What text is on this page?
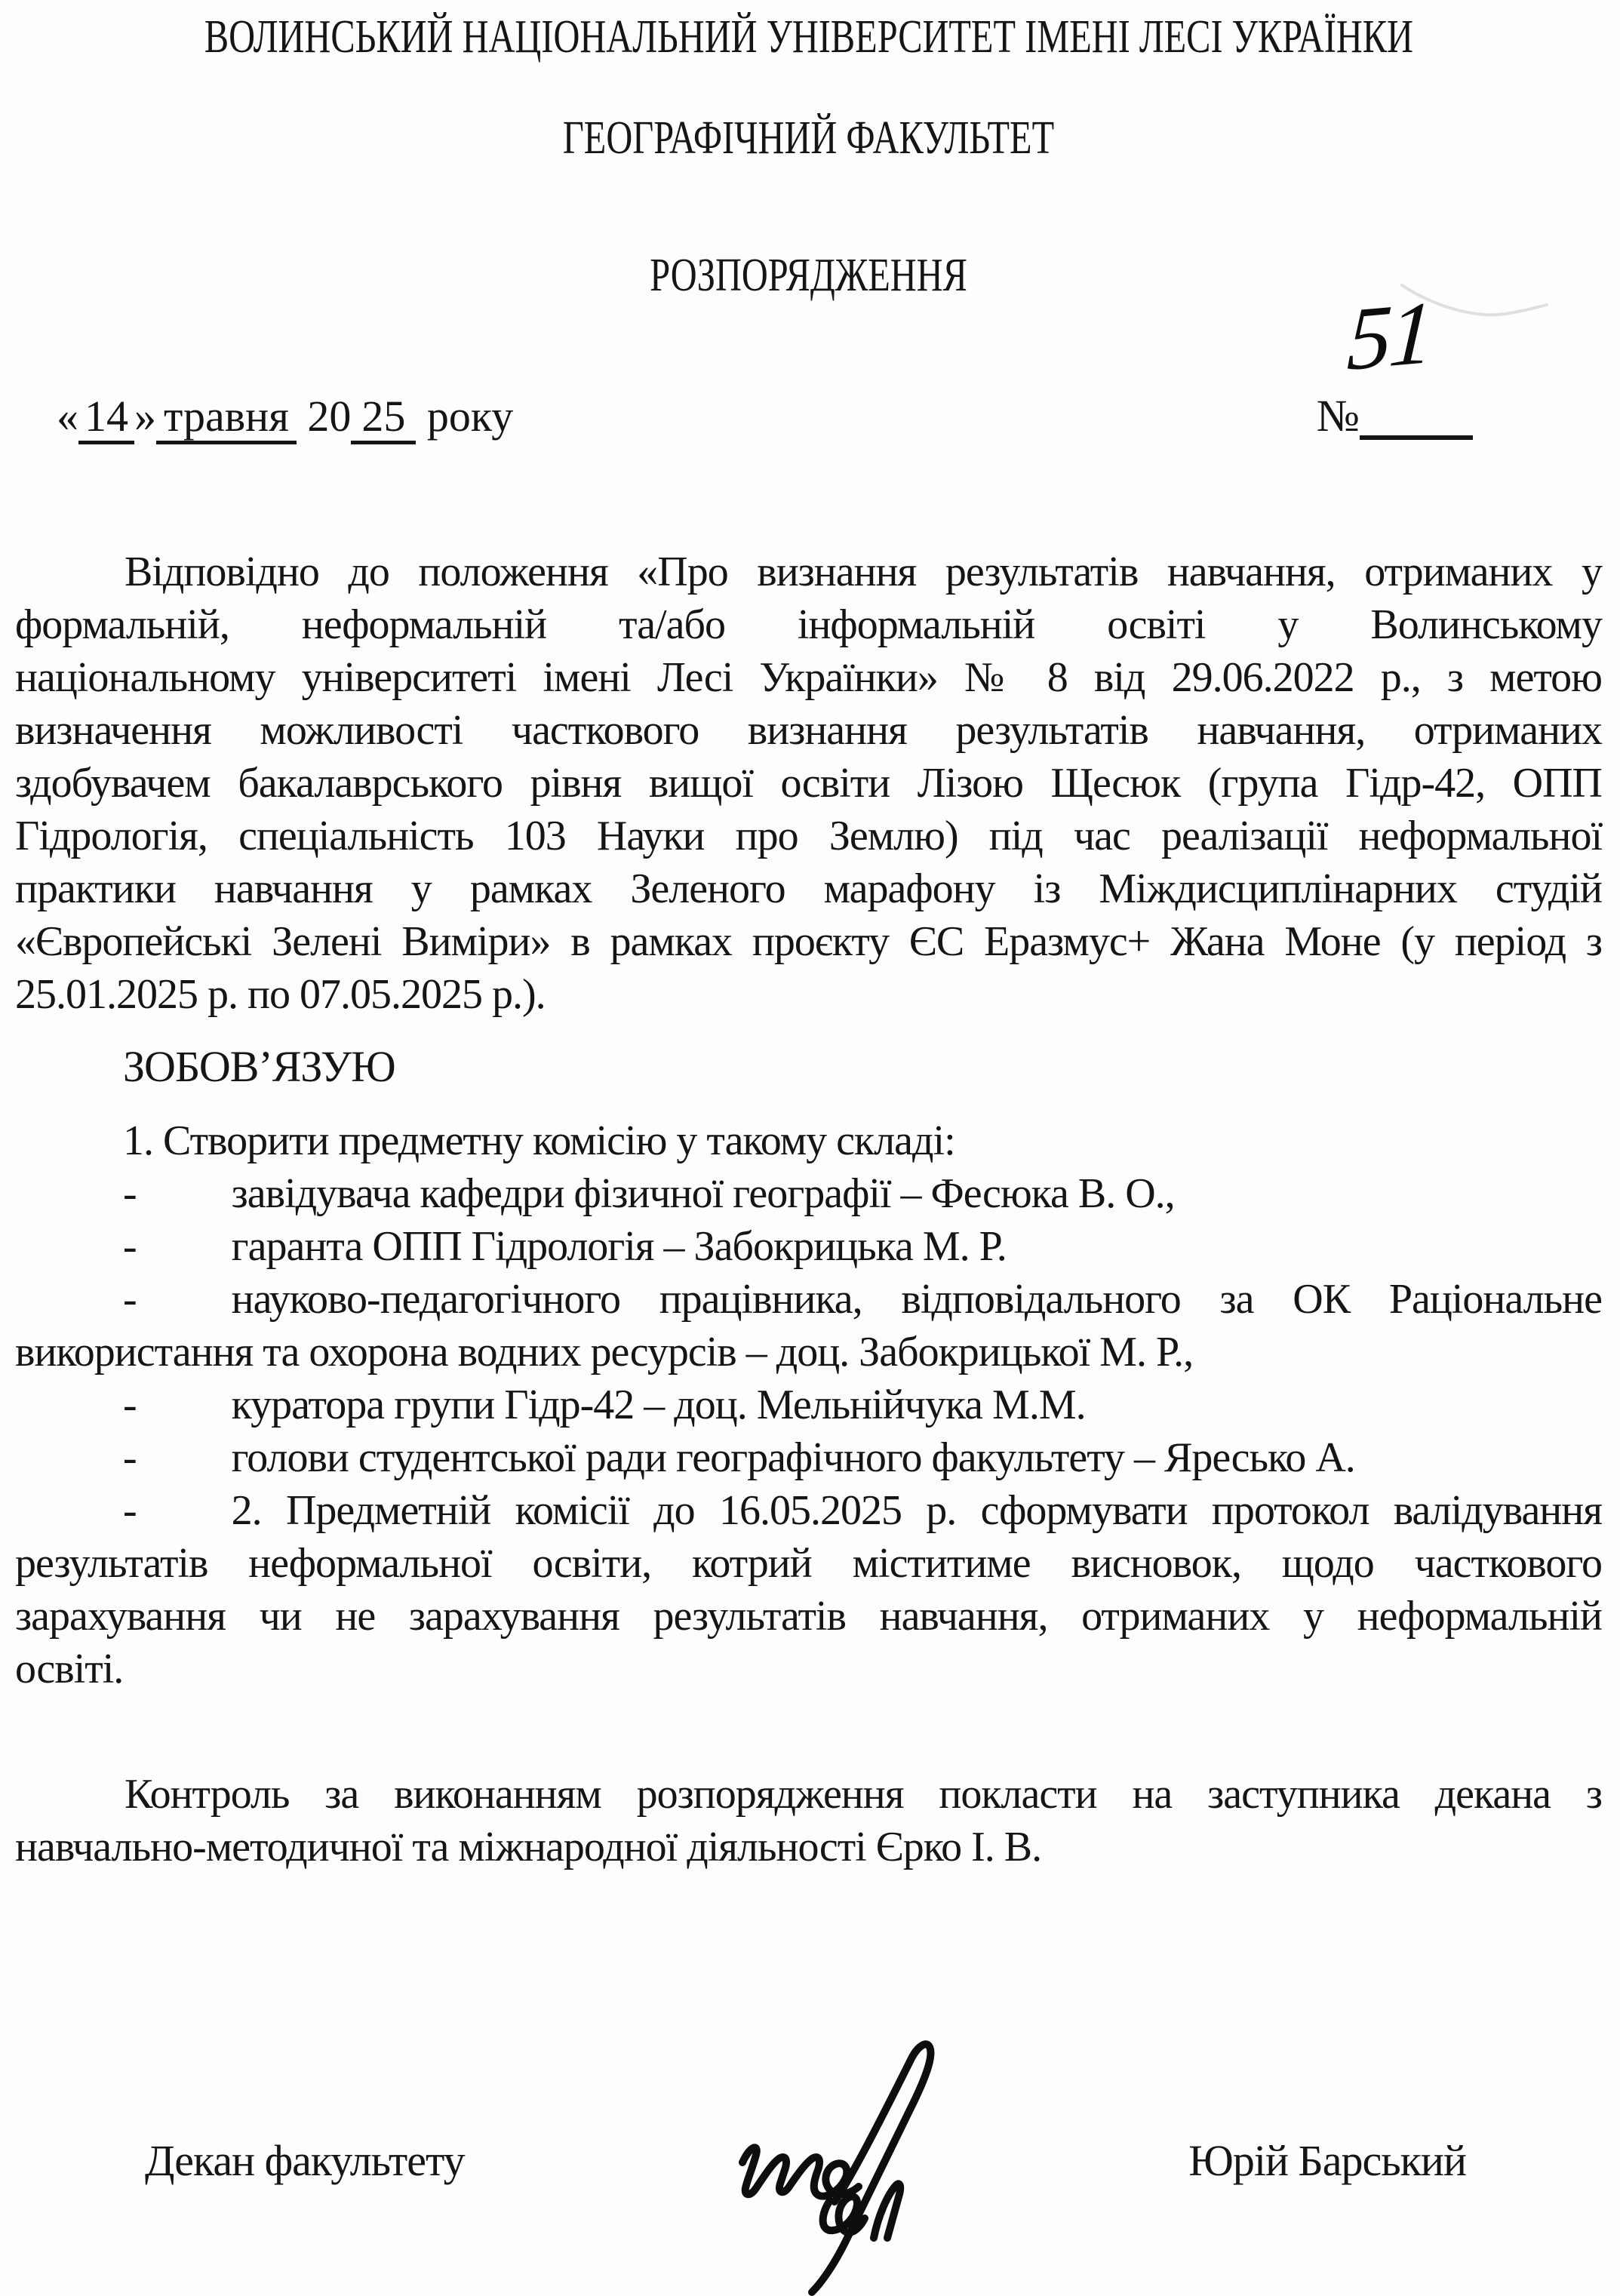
ВОЛИНСЬКИЙ НАЦІОНАЛЬНИЙ УНІВЕРСИТЕТ ІМЕНІ ЛЕСІ УКРАЇНКИ
ГЕОГРАФІЧНИЙ ФАКУЛЬТЕТ
РОЗПОРЯДЖЕННЯ
« 14 » травня 20 25 року	№
51
Відповідно до положення «Про визнання результатів навчання, отриманих у
формальній, неформальній та/або інформальній освіті у Волинському
національному університеті імені Лесі Українки» № 8 від 29.06.2022 р., з метою
визначення можливості часткового визнання результатів навчання, отриманих
здобувачем бакалаврського рівня вищої освіти Лізою Щесюк (група Гідр-42, ОПП
Гідрологія, спеціальність 103 Науки про Землю) під час реалізації неформальної
практики навчання у рамках Зеленого марафону із Міждисциплінарних студій
«Європейські Зелені Виміри» в рамках проєкту ЄС Еразмус+ Жана Моне (у період з
25.01.2025 р. по 07.05.2025 р.).
ЗОБОВ’ЯЗУЮ
1. Створити предметну комісію у такому складі:
- завідувача кафедри фізичної географії – Фесюка В. О.,
- гаранта ОПП Гідрологія – Забокрицька М. Р.
- науково-педагогічного працівника, відповідального за ОК Раціональне
використання та охорона водних ресурсів – доц. Забокрицької М. Р.,
- куратора групи Гідр-42 – доц. Мельнійчука М.М.
- голови студентської ради географічного факультету – Яресько А.
- 2. Предметній комісії до 16.05.2025 р. сформувати протокол валідування
результатів неформальної освіти, котрий міститиме висновок, щодо часткового
зарахування чи не зарахування результатів навчання, отриманих у неформальній
освіті.
Контроль за виконанням розпорядження покласти на заступника декана з
навчально-методичної та міжнародної діяльності Єрко І. В.
Декан факультету	Юрій Барський
